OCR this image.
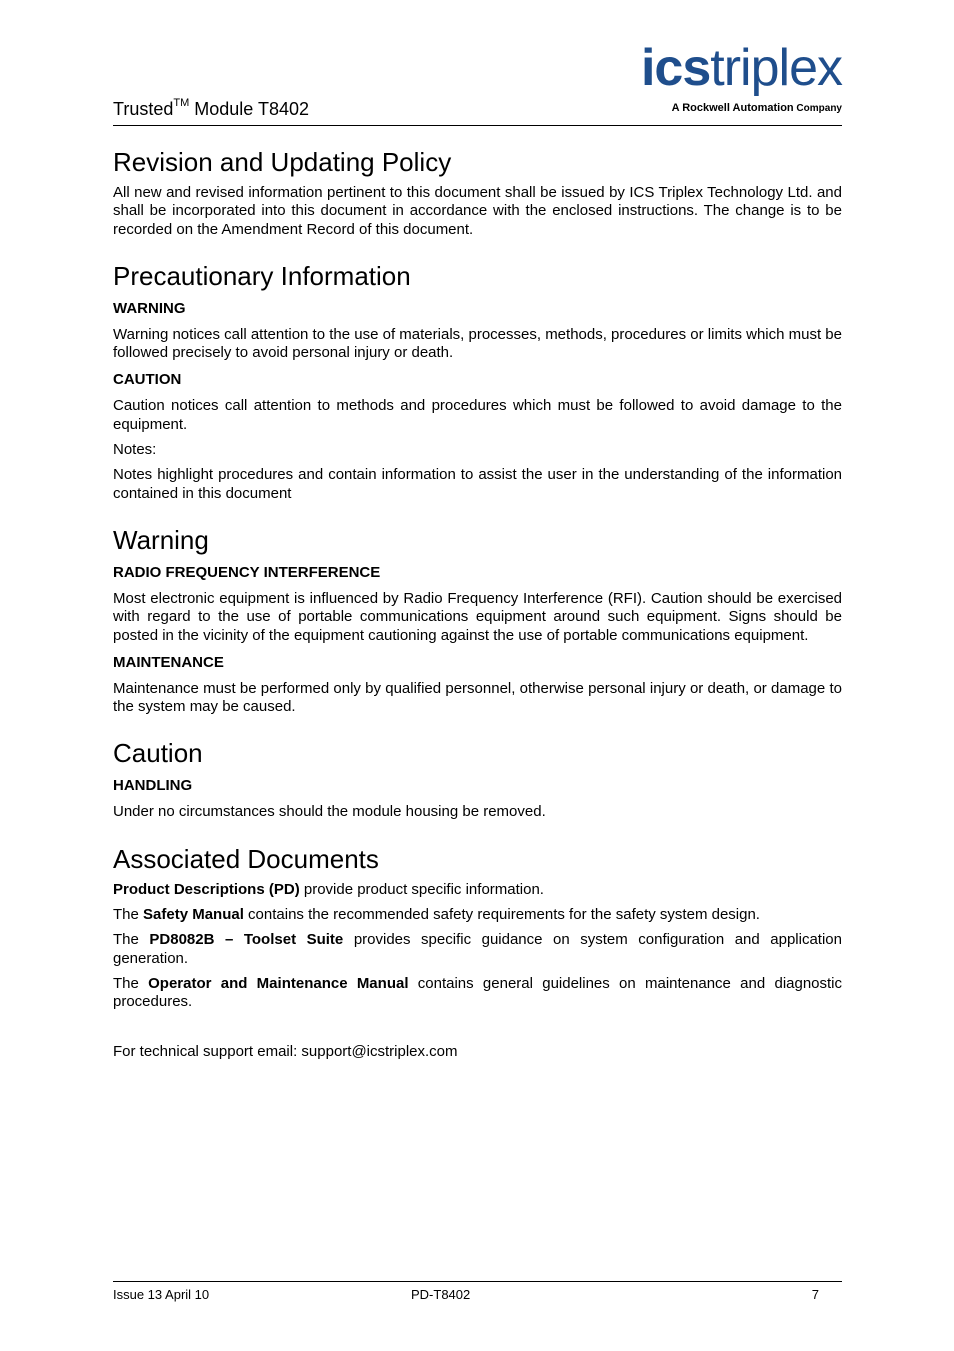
Trusted™ Module T8402
icstriplex
A Rockwell Automation Company
Revision and Updating Policy

All new and revised information pertinent to this document shall be issued by ICS Triplex Technology Ltd. and shall be incorporated into this document in accordance with the enclosed instructions. The change is to be recorded on the Amendment Record of this document.

Precautionary Information
WARNING

Warning notices call attention to the use of materials, processes, methods, procedures or limits which must be followed precisely to avoid personal injury or death.

CAUTION

Caution notices call attention to methods and procedures which must be followed to avoid damage to the equipment.

Notes:

Notes highlight procedures and contain information to assist the user in the understanding of the information contained in this document

Warning
RADIO FREQUENCY INTERFERENCE

Most electronic equipment is influenced by Radio Frequency Interference (RFI). Caution should be exercised with regard to the use of portable communications equipment around such equipment. Signs should be posted in the vicinity of the equipment cautioning against the use of portable communications equipment.

MAINTENANCE

Maintenance must be performed only by qualified personnel, otherwise personal injury or death, or damage to the system may be caused.

Caution
HANDLING

Under no circumstances should the module housing be removed.

Associated Documents

Product Descriptions (PD) provide product specific information.

The Safety Manual contains the recommended safety requirements for the safety system design.

The PD8082B – Toolset Suite provides specific guidance on system configuration and application generation.

The Operator and Maintenance Manual contains general guidelines on maintenance and diagnostic procedures.

For technical support email: support@icstriplex.com

Issue 13 April 10	PD-T8402	7
